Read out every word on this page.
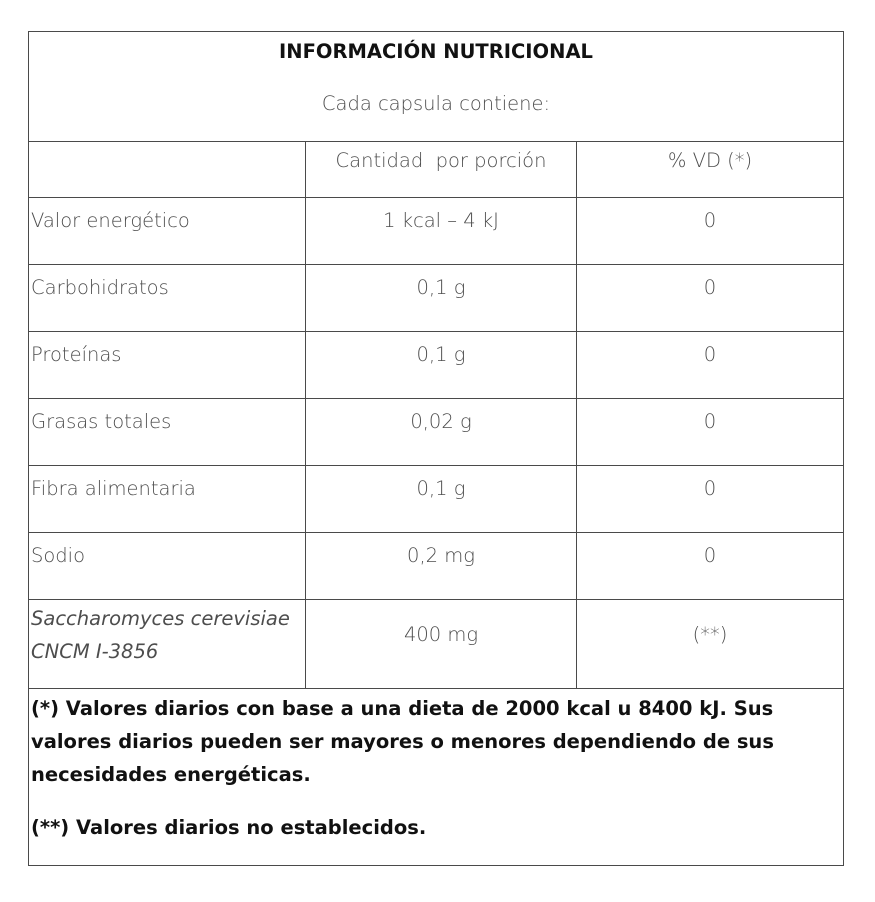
INFORMACIÓN NUTRICIONAL
Cada capsula contiene:		

	Cantidad  por porción	% VD (*)

Valor energético	1 kcal – 4 kJ	0

Carbohidratos	0,1 g	0

Proteínas	0,1 g	0

Grasas totales	0,02 g	0

Fibra alimentaria	0,1 g	0

Sodio	0,2 mg	0

Saccharomyces cerevisiae CNCM I-3856	400 mg	(**)

(*) Valores diarios con base a una dieta de 2000 kcal u 8400 kJ. Sus valores diarios pueden ser mayores o menores dependiendo de sus necesidades energéticas.

(**) Valores diarios no establecidos.		
